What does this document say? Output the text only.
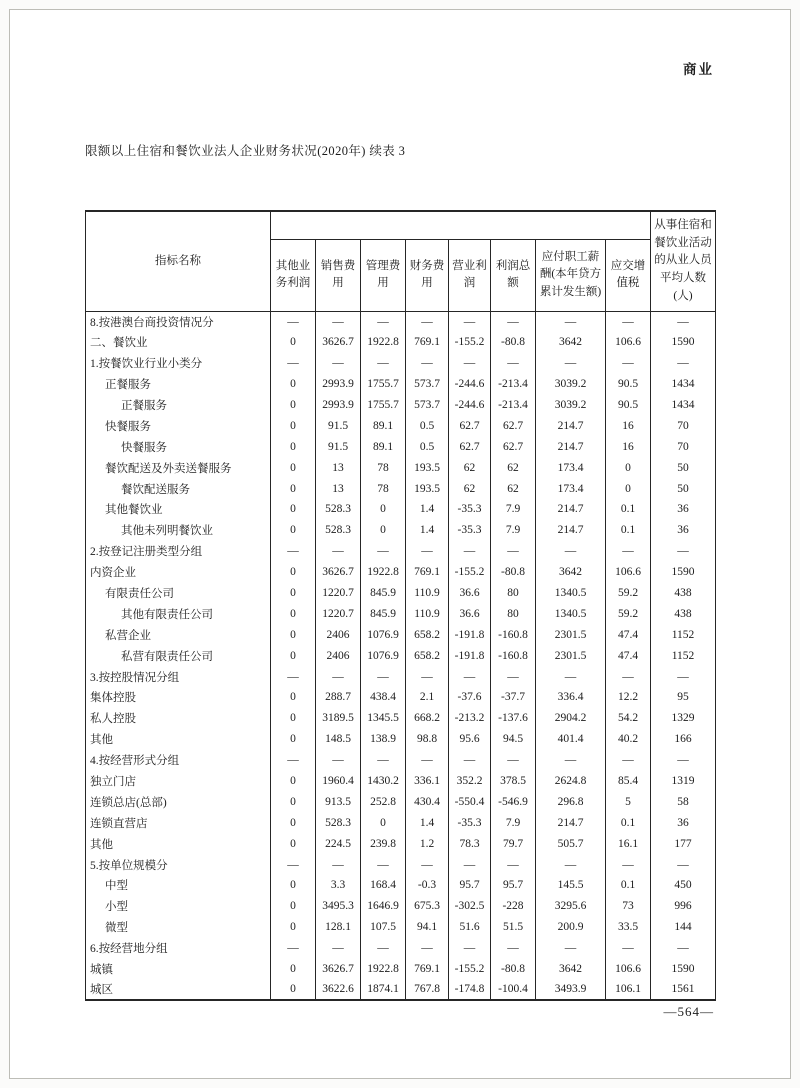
商业
限额以上住宿和餐饮业法人企业财务状况(2020年) 续表 3
指标名称									从事住宿和餐饮业活动的从业人员平均人数(人)
	其他业务利润	销售费用	管理费用	财务费用	营业利润	利润总额	应付职工薪酬(本年贷方累计发生额)	应交增值税	
8.按港澳台商投资情况分	—	—	—	—	—	—	—	—	—
二、餐饮业	0	3626.7	1922.8	769.1	-155.2	-80.8	3642	106.6	1590
1.按餐饮业行业小类分	—	—	—	—	—	—	—	—	—
正餐服务	0	2993.9	1755.7	573.7	-244.6	-213.4	3039.2	90.5	1434
正餐服务	0	2993.9	1755.7	573.7	-244.6	-213.4	3039.2	90.5	1434
快餐服务	0	91.5	89.1	0.5	62.7	62.7	214.7	16	70
快餐服务	0	91.5	89.1	0.5	62.7	62.7	214.7	16	70
餐饮配送及外卖送餐服务	0	13	78	193.5	62	62	173.4	0	50
餐饮配送服务	0	13	78	193.5	62	62	173.4	0	50
其他餐饮业	0	528.3	0	1.4	-35.3	7.9	214.7	0.1	36
其他未列明餐饮业	0	528.3	0	1.4	-35.3	7.9	214.7	0.1	36
2.按登记注册类型分组	—	—	—	—	—	—	—	—	—
内资企业	0	3626.7	1922.8	769.1	-155.2	-80.8	3642	106.6	1590
有限责任公司	0	1220.7	845.9	110.9	36.6	80	1340.5	59.2	438
其他有限责任公司	0	1220.7	845.9	110.9	36.6	80	1340.5	59.2	438
私营企业	0	2406	1076.9	658.2	-191.8	-160.8	2301.5	47.4	1152
私营有限责任公司	0	2406	1076.9	658.2	-191.8	-160.8	2301.5	47.4	1152
3.按控股情况分组	—	—	—	—	—	—	—	—	—
集体控股	0	288.7	438.4	2.1	-37.6	-37.7	336.4	12.2	95
私人控股	0	3189.5	1345.5	668.2	-213.2	-137.6	2904.2	54.2	1329
其他	0	148.5	138.9	98.8	95.6	94.5	401.4	40.2	166
4.按经营形式分组	—	—	—	—	—	—	—	—	—
独立门店	0	1960.4	1430.2	336.1	352.2	378.5	2624.8	85.4	1319
连锁总店(总部)	0	913.5	252.8	430.4	-550.4	-546.9	296.8	5	58
连锁直营店	0	528.3	0	1.4	-35.3	7.9	214.7	0.1	36
其他	0	224.5	239.8	1.2	78.3	79.7	505.7	16.1	177
5.按单位规模分	—	—	—	—	—	—	—	—	—
中型	0	3.3	168.4	-0.3	95.7	95.7	145.5	0.1	450
小型	0	3495.3	1646.9	675.3	-302.5	-228	3295.6	73	996
微型	0	128.1	107.5	94.1	51.6	51.5	200.9	33.5	144
6.按经营地分组	—	—	—	—	—	—	—	—	—
城镇	0	3626.7	1922.8	769.1	-155.2	-80.8	3642	106.6	1590
城区	0	3622.6	1874.1	767.8	-174.8	-100.4	3493.9	106.1	1561
—564—
